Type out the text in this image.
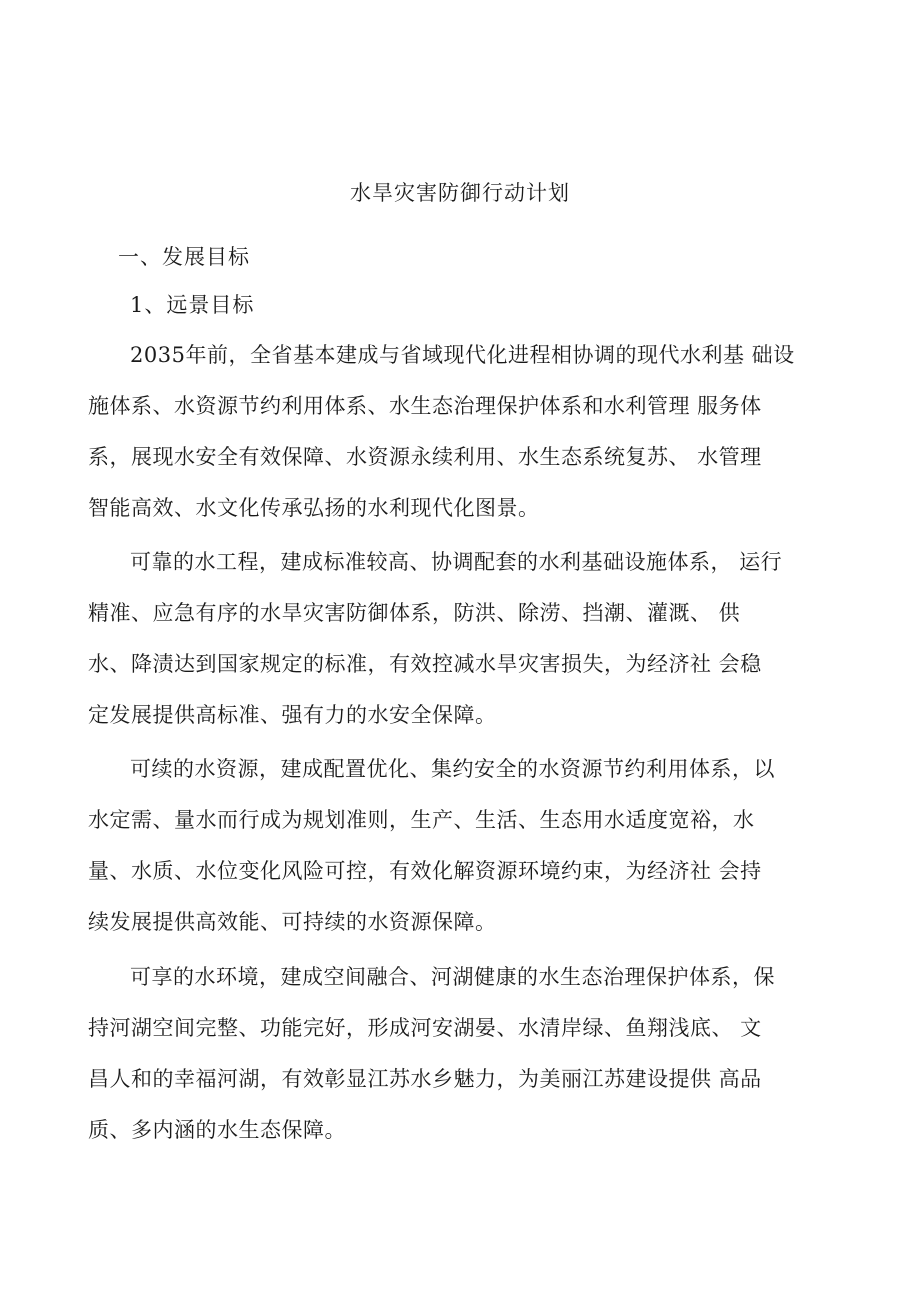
水旱灾害防御行动计划
一、发展目标
1、远景目标
2035年前，全省基本建成与省域现代化进程相协调的现代水利基 础设
施体系、水资源节约利用体系、水生态治理保护体系和水利管理 服务体
系，展现水安全有效保障、水资源永续利用、水生态系统复苏、 水管理
智能高效、水文化传承弘扬的水利现代化图景。
可靠的水工程，建成标准较高、协调配套的水利基础设施体系， 运行
精准、应急有序的水旱灾害防御体系，防洪、除涝、挡潮、灌溉、 供
水、降渍达到国家规定的标准，有效控减水旱灾害损失，为经济社 会稳
定发展提供高标准、强有力的水安全保障。
可续的水资源，建成配置优化、集约安全的水资源节约利用体系，以
水定需、量水而行成为规划准则，生产、生活、生态用水适度宽裕，水
量、水质、水位变化风险可控，有效化解资源环境约束，为经济社 会持
续发展提供高效能、可持续的水资源保障。
可享的水环境，建成空间融合、河湖健康的水生态治理保护体系，保
持河湖空间完整、功能完好，形成河安湖晏、水清岸绿、鱼翔浅底、 文
昌人和的幸福河湖，有效彰显江苏水乡魅力，为美丽江苏建设提供 高品
质、多内涵的水生态保障。
